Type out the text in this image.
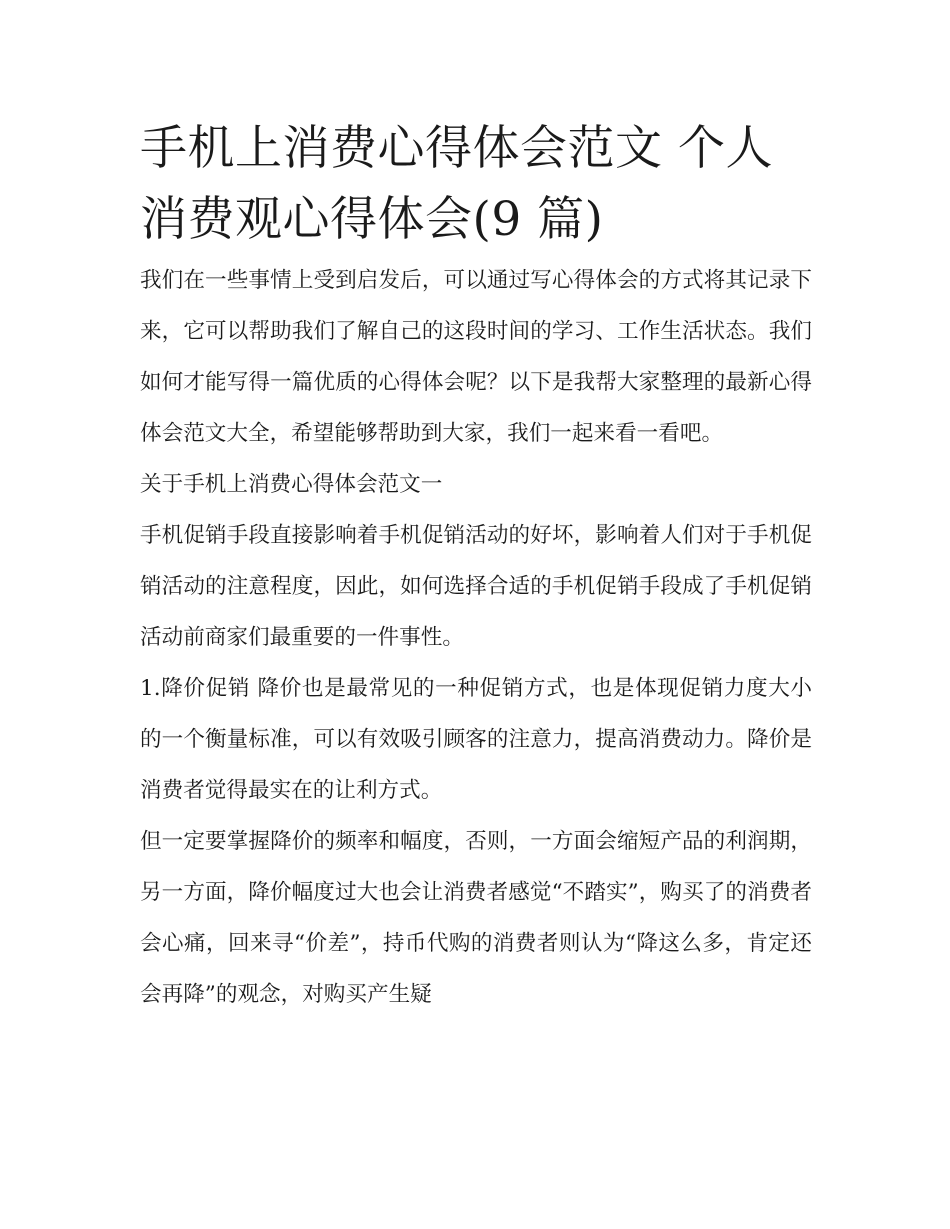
手机上消费心得体会范文 个人消费观心得体会(9 篇)

我们在一些事情上受到启发后，可以通过写心得体会的方式将其记录下来，它可以帮助我们了解自己的这段时间的学习、工作生活状态。我们如何才能写得一篇优质的心得体会呢？以下是我帮大家整理的最新心得体会范文大全，希望能够帮助到大家，我们一起来看一看吧。

关于手机上消费心得体会范文一

手机促销手段直接影响着手机促销活动的好坏，影响着人们对于手机促销活动的注意程度，因此，如何选择合适的手机促销手段成了手机促销活动前商家们最重要的一件事性。

1.降价促销 降价也是最常见的一种促销方式，也是体现促销力度大小的一个衡量标准，可以有效吸引顾客的注意力，提高消费动力。降价是消费者觉得最实在的让利方式。

但一定要掌握降价的频率和幅度，否则，一方面会缩短产品的利润期，另一方面，降价幅度过大也会让消费者感觉“不踏实”，购买了的消费者会心痛，回来寻“价差”，持币代购的消费者则认为“降这么多，肯定还会再降”的观念，对购买产生疑
